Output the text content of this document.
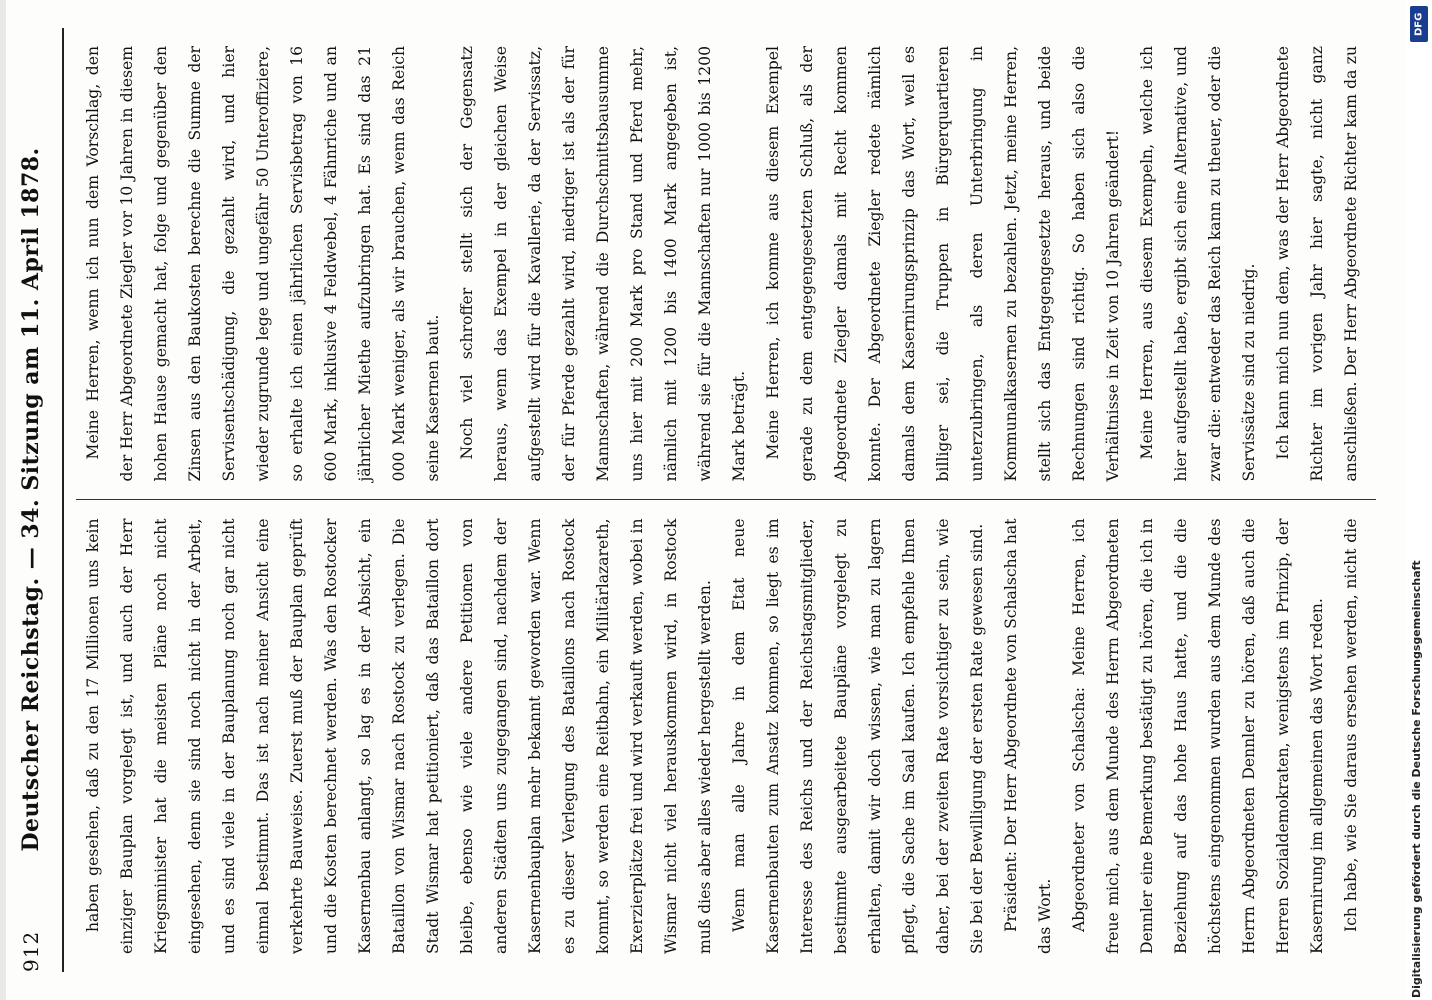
912
Deutscher Reichstag. — 34. Sitzung am 11. April 1878.	haben gesehen, daß zu den 17 Millionen uns kein einziger Bauplan vorgelegt ist, und auch der Herr Kriegsminister hat die meisten Pläne noch nicht eingesehen, denn sie sind noch nicht in der Arbeit, und es sind viele in der Bauplanung noch gar nicht einmal bestimmt. Das ist nach meiner Ansicht eine verkehrte Bauweise. Zuerst muß der Bauplan geprüft und die Kosten berechnet werden. Was den Rostocker Kasernenbau anlangt, so lag es in der Absicht, ein Bataillon von Wismar nach Rostock zu verlegen. Die Stadt Wismar hat petitioniert, daß das Bataillon dort bleibe, ebenso wie viele andere Petitionen von anderen Städten uns zugegangen sind, nachdem der Kasernenbauplan mehr bekannt geworden war. Wenn es zu dieser Verlegung des Bataillons nach Rostock kommt, so werden eine Reitbahn, ein Militärlazareth, Exerzierplätze frei und wird verkauft werden, wobei in Wismar nicht viel herauskommen wird, in Rostock muß dies aber alles wieder hergestellt werden.	Wenn man alle Jahre in dem Etat neue Kasernenbauten zum Ansatz kommen, so liegt es im Interesse des Reichs und der Reichstagsmitglieder, bestimmte ausgearbeitete Baupläne vorgelegt zu erhalten, damit wir doch wissen, wie man zu lagern pflegt, die Sache im Saal kaufen. Ich empfehle Ihnen daher, bei der zweiten Rate vorsichtiger zu sein, wie Sie bei der Bewilligung der ersten Rate gewesen sind.	Präsident: Der Herr Abgeordnete von Schalscha hat das Wort.	Abgeordneter von Schalscha: Meine Herren, ich freue mich, aus dem Munde des Herrn Abgeordneten Dennler eine Bemerkung bestätigt zu hören, die ich in Beziehung auf das hohe Haus hatte, und die die höchstens eingenommen wurden aus dem Munde des Herrn Abgeordneten Dennler zu hören, daß auch die Herren Sozialdemokraten, wenigstens im Prinzip, der Kasernirung im allgemeinen das Wort reden.	Ich habe, wie Sie daraus ersehen werden, nicht die

Meine Herren, wenn ich nun dem Vorschlag, den der Herr Abgeordnete Ziegler vor 10 Jahren in diesem hohen Hause gemacht hat, folge und gegenüber den Zinsen aus den Baukosten berechne die Summe der Servisentschädigung, die gezahlt wird, und hier wieder zugrunde lege und ungefähr 50 Unteroffiziere, so erhalte ich einen jährlichen Servisbetrag von 16 600 Mark, inklusive 4 Feldwebel, 4 Fähnriche und an jährlicher Miethe aufzubringen hat. Es sind das 21 000 Mark weniger, als wir brauchen, wenn das Reich seine Kasernen baut.	Noch viel schroffer stellt sich der Gegensatz heraus, wenn das Exempel in der gleichen Weise aufgestellt wird für die Kavallerie, da der Servissatz, der für Pferde gezahlt wird, niedriger ist als der für Mannschaften, während die Durchschnittsbausumme uns hier mit 200 Mark pro Stand und Pferd mehr, nämlich mit 1200 bis 1400 Mark angegeben ist, während sie für die Mannschaften nur 1000 bis 1200 Mark beträgt.	Meine Herren, ich komme aus diesem Exempel gerade zu dem entgegengesetzten Schluß, als der Abgeordnete Ziegler damals mit Recht kommen konnte. Der Abgeordnete Ziegler redete nämlich damals dem Kasernirungsprinzip das Wort, weil es billiger sei, die Truppen in Bürgerquartieren unterzubringen, als deren Unterbringung in Kommunalkasernen zu bezahlen. Jetzt, meine Herren, stellt sich das Entgegengesetzte heraus, und beide Rechnungen sind richtig. So haben sich also die Verhältnisse in Zeit von 10 Jahren geändert!	Meine Herren, aus diesem Exempeln, welche ich hier aufgestellt habe, ergibt sich eine Alternative, und zwar die: entweder das Reich kann zu theuer, oder die Servissätze sind zu niedrig.	Ich kann mich nun dem, was der Herr Abgeordnete Richter im vorigen Jahr hier sagte, nicht ganz anschließen. Der Herr Abgeordnete Richter kam da zu

DFG
Digitalisierung gefördert durch die Deutsche Forschungsgemeinschaft
